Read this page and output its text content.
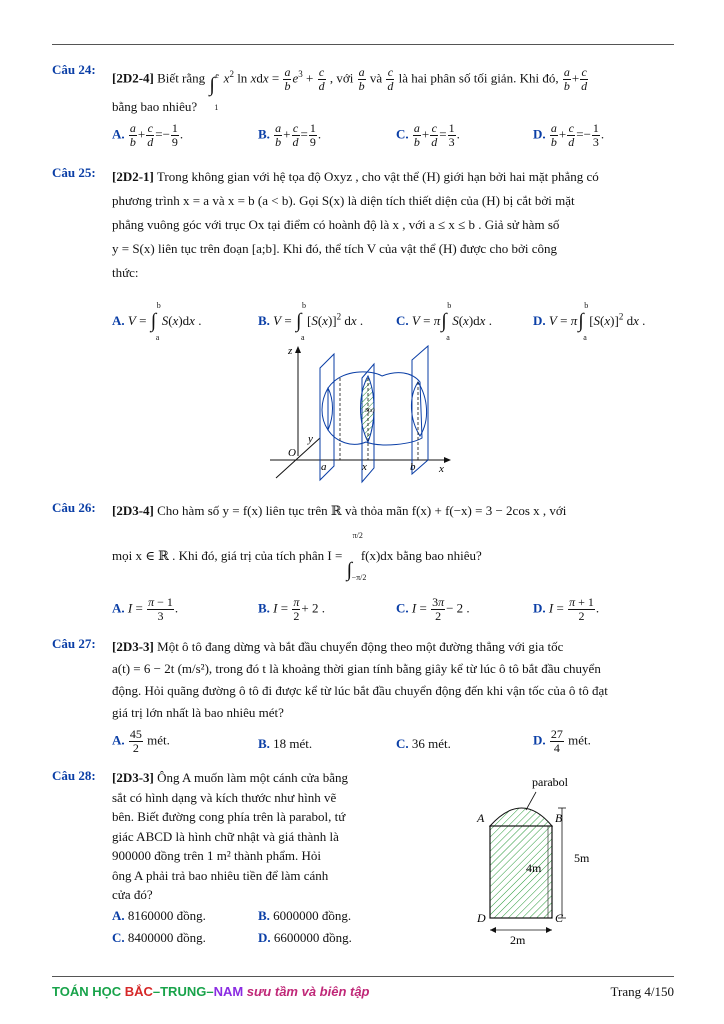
Câu 24:
[2D2-4] Biết rằng ∫ e
1
$x^2$ ln xdx = $\frac{a}{b} e^3 + \frac{c}{d}$ , với $\frac{a}{b}$ và $\frac{c}{d}$ là hai phân số tối giản. Khi đó, $\frac{a}{b} + \frac{c}{d}$
bằng bao nhiêu?
A. $\frac{a}{b} + \frac{c}{d} =- \frac{1}{9}$ .	B. $\frac{a}{b} + \frac{c}{d} = \frac{1}{9}$ .	C. $\frac{a}{b} + \frac{c}{d} = \frac{1}{3}$ .	D. $\frac{a}{b} + \frac{c}{d} =- \frac{1}{3}$ .
Câu 25: [2D2-1] Trong không gian với hệ tọa độ Oxyz , cho vật thể (H) giới hạn bởi hai mặt phẳng có
phương trình x = a và x = b (a < b). Gọi S(x) là diện tích thiết diện của (H) bị cắt bởi mặt
phẳng vuông góc với trục Ox tại điểm có hoành độ là x , với a ≤ x ≤ b . Giả sử hàm số
y = S(x) liên tục trên đoạn [a;b]. Khi đó, thể tích V của vật thể (H) được cho bởi công
thức:
A. V = ∫
b
a
S(x)dx .	B. V = ∫
b
a
$[S(x)]^2$ dx .	C. V = π ∫
b
a
S(x)dx .	D. V = π ∫
b
a
$[S(x)]^2$ dx .
z
y
O
a	x	b x
S(x)
Câu 26: [2D3-4] Cho hàm số y = f(x) liên tục trên ℝ và thỏa mãn f(x) + f(−x) = 3 − 2cos x , với
mọi x ∈ ℝ . Khi đó, giá trị của tích phân I =
∫
π/2
−π/2
f(x)dx bằng bao nhiêu?
A. $I = \frac{\pi - 1}{3}$ .	B. $I = \frac{\pi}{2} + 2$ .	C. $I = \frac{3\pi}{2} - 2$ .	D. $I = \frac{\pi + 1}{2}$ .
Câu 27: [2D3-3] Một ô tô đang dừng và bắt đầu chuyển động theo một đường thẳng với gia tốc
a(t) = 6 − 2t (m/s²), trong đó t là khoảng thời gian tính bằng giây kể từ lúc ô tô bắt đầu chuyển
động. Hỏi quãng đường ô tô đi được kể từ lúc bắt đầu chuyển động đến khi vận tốc của ô tô đạt
giá trị lớn nhất là bao nhiêu mét?
A. $\frac{45}{2}$ mét.	B. 18 mét.	C. 36 mét.	D. $\frac{27}{4}$ mét.
Câu 28: [2D3-3] Ông A muốn làm một cánh cửa bằng
sắt có hình dạng và kích thước như hình vẽ
bên. Biết đường cong phía trên là parabol, tứ
giác ABCD là hình chữ nhật và giá thành là
900000 đồng trên 1 m² thành phẩm. Hỏi
ông A phải trả bao nhiêu tiền để làm cánh
cửa đó?
A. 8160000 đồng.	B. 6000000 đồng.
C. 8400000 đồng.	D. 6600000 đồng.
parabol
A	B
C
D
5m
4m
2m
TOÁN HỌC BẮC–TRUNG–NAM sưu tầm và biên tập	Trang 4/150
